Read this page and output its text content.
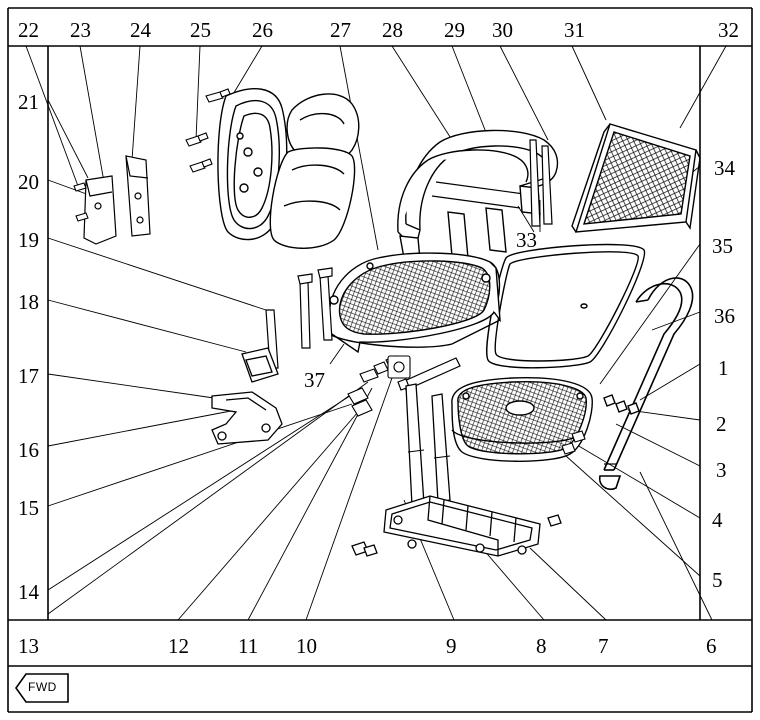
22 23 24 25 26	27 28 29 30 31	32
21
20
19
18
17
16
15
14
13	12 11 10	9	8 7	6
5
4
3
2
1
36
35
34
33
37
FWD
